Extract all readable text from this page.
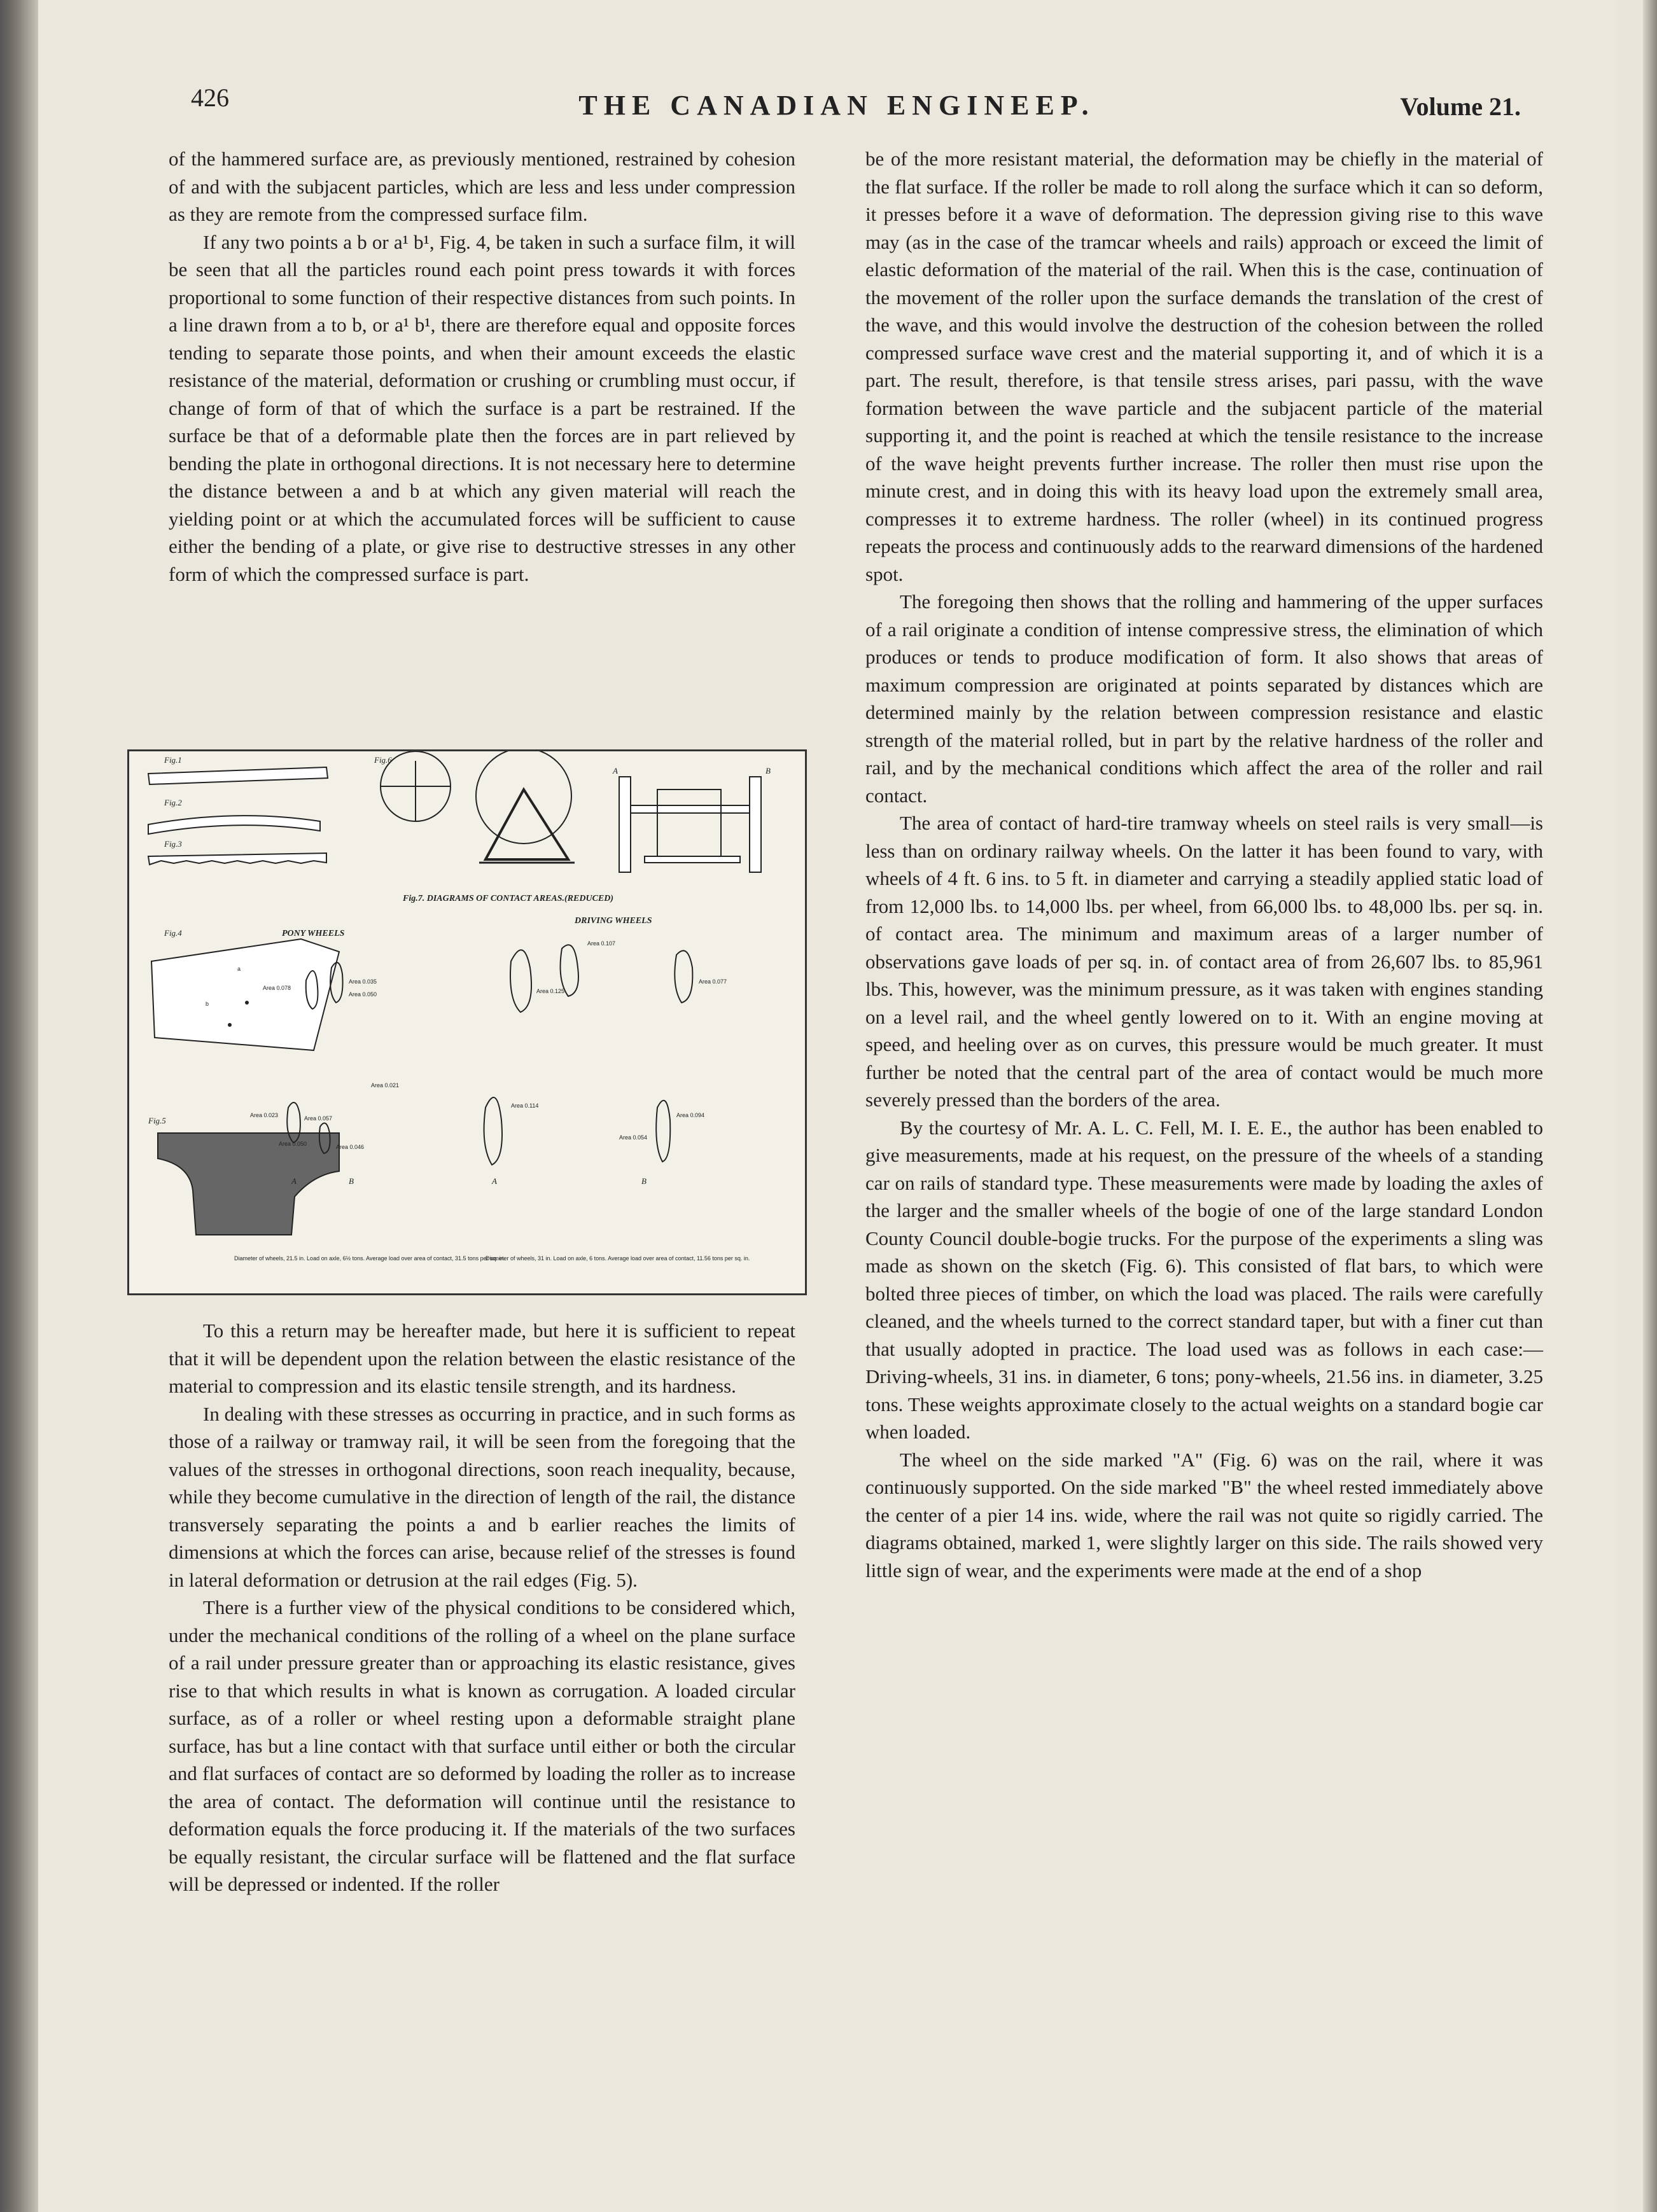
426	THE CANADIAN ENGINEEP.	Volume 21.

of the hammered surface are, as previously mentioned, restrained by cohesion of and with the subjacent particles, which are less and less under compression as they are remote from the compressed surface film.

If any two points a b or a¹ b¹, Fig. 4, be taken in such a surface film, it will be seen that all the particles round each point press towards it with forces proportional to some function of their respective distances from such points. In a line drawn from a to b, or a¹ b¹, there are therefore equal and opposite forces tending to separate those points, and when their amount exceeds the elastic resistance of the material, deformation or crushing or crumbling must occur, if change of form of that of which the surface is a part be restrained. If the surface be that of a deformable plate then the forces are in part relieved by bending the plate in orthogonal directions. It is not necessary here to determine the distance between a and b at which any given material will reach the yielding point or at which the accumulated forces will be sufficient to cause either the bending of a plate, or give rise to destructive stresses in any other form of which the compressed surface is part.

Fig.1
Fig.2
Fig.3
Fig.6
A	B
Fig.7. DIAGRAMS OF CONTACT AREAS.(REDUCED)
Fig.4
a
b
PONY WHEELS
DRIVING WHEELS
Area 0.078
Area 0.035
Area 0.050	Area 0.125
Area 0.107
Area 0.077
Fig.5
Area 0.023	Area 0.057
Area 0.050	Area 0.046
Area 0.021
Area 0.114
Area 0.094
Area 0.054
A	B	A	B
Diameter of wheels, 21.5 in. Load on axle, 6½ tons. Average load over area of contact, 31.5 tons per sq. in.
Diameter of wheels, 31 in. Load on axle, 6 tons. Average load over area of contact, 11.56 tons per sq. in.

To this a return may be hereafter made, but here it is sufficient to repeat that it will be dependent upon the relation between the elastic resistance of the material to compression and its elastic tensile strength, and its hardness.

In dealing with these stresses as occurring in practice, and in such forms as those of a railway or tramway rail, it will be seen from the foregoing that the values of the stresses in orthogonal directions, soon reach inequality, because, while they become cumulative in the direction of length of the rail, the distance transversely separating the points a and b earlier reaches the limits of dimensions at which the forces can arise, because relief of the stresses is found in lateral deformation or detrusion at the rail edges (Fig. 5).

There is a further view of the physical conditions to be considered which, under the mechanical conditions of the rolling of a wheel on the plane surface of a rail under pressure greater than or approaching its elastic resistance, gives rise to that which results in what is known as corrugation. A loaded circular surface, as of a roller or wheel resting upon a deformable straight plane surface, has but a line contact with that surface until either or both the circular and flat surfaces of contact are so deformed by loading the roller as to increase the area of contact. The deformation will continue until the resistance to deformation equals the force producing it. If the materials of the two surfaces be equally resistant, the circular surface will be flattened and the flat surface will be depressed or indented. If the roller

be of the more resistant material, the deformation may be chiefly in the material of the flat surface. If the roller be made to roll along the surface which it can so deform, it presses before it a wave of deformation. The depression giving rise to this wave may (as in the case of the tramcar wheels and rails) approach or exceed the limit of elastic deformation of the material of the rail. When this is the case, continuation of the movement of the roller upon the surface demands the translation of the crest of the wave, and this would involve the destruction of the cohesion between the rolled compressed surface wave crest and the material supporting it, and of which it is a part. The result, therefore, is that tensile stress arises, pari passu, with the wave formation between the wave particle and the subjacent particle of the material supporting it, and the point is reached at which the tensile resistance to the increase of the wave height prevents further increase. The roller then must rise upon the minute crest, and in doing this with its heavy load upon the extremely small area, compresses it to extreme hardness. The roller (wheel) in its continued progress repeats the process and continuously adds to the rearward dimensions of the hardened spot.

The foregoing then shows that the rolling and hammering of the upper surfaces of a rail originate a condition of intense compressive stress, the elimination of which produces or tends to produce modification of form. It also shows that areas of maximum compression are originated at points separated by distances which are determined mainly by the relation between compression resistance and elastic strength of the material rolled, but in part by the relative hardness of the roller and rail, and by the mechanical conditions which affect the area of the roller and rail contact.

The area of contact of hard-tire tramway wheels on steel rails is very small—is less than on ordinary railway wheels. On the latter it has been found to vary, with wheels of 4 ft. 6 ins. to 5 ft. in diameter and carrying a steadily applied static load of from 12,000 lbs. to 14,000 lbs. per wheel, from 66,000 lbs. to 48,000 lbs. per sq. in. of contact area. The minimum and maximum areas of a larger number of observations gave loads of per sq. in. of contact area of from 26,607 lbs. to 85,961 lbs. This, however, was the minimum pressure, as it was taken with engines standing on a level rail, and the wheel gently lowered on to it. With an engine moving at speed, and heeling over as on curves, this pressure would be much greater. It must further be noted that the central part of the area of contact would be much more severely pressed than the borders of the area.

By the courtesy of Mr. A. L. C. Fell, M. I. E. E., the author has been enabled to give measurements, made at his request, on the pressure of the wheels of a standing car on rails of standard type. These measurements were made by loading the axles of the larger and the smaller wheels of the bogie of one of the large standard London County Council double-bogie trucks. For the purpose of the experiments a sling was made as shown on the sketch (Fig. 6). This consisted of flat bars, to which were bolted three pieces of timber, on which the load was placed. The rails were carefully cleaned, and the wheels turned to the correct standard taper, but with a finer cut than that usually adopted in practice. The load used was as follows in each case:—Driving-wheels, 31 ins. in diameter, 6 tons; pony-wheels, 21.56 ins. in diameter, 3.25 tons. These weights approximate closely to the actual weights on a standard bogie car when loaded.

The wheel on the side marked "A" (Fig. 6) was on the rail, where it was continuously supported. On the side marked "B" the wheel rested immediately above the center of a pier 14 ins. wide, where the rail was not quite so rigidly carried. The diagrams obtained, marked 1, were slightly larger on this side. The rails showed very little sign of wear, and the experiments were made at the end of a shop
